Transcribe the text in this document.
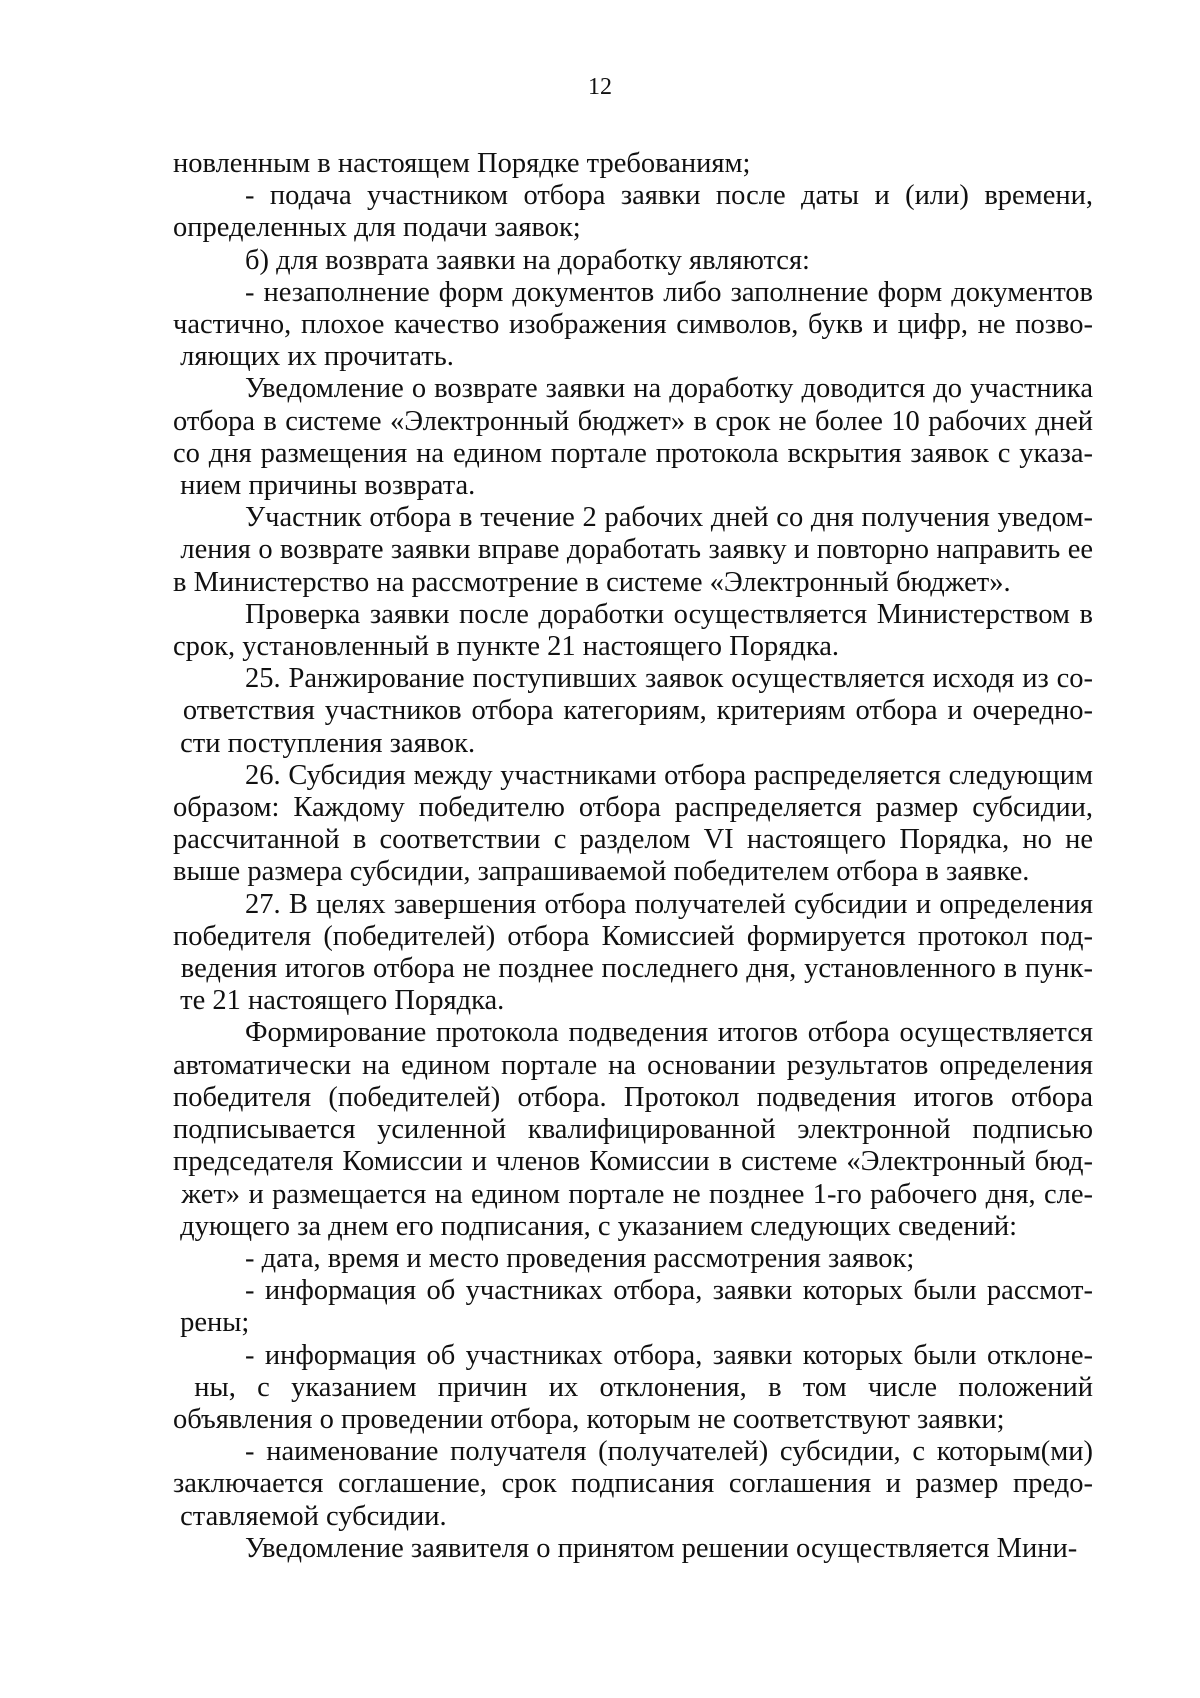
12

новленным в настоящем Порядке требованиям;

- подача участником отбора заявки после даты и (или) времени, определенных для подачи заявок;

б) для возврата заявки на доработку являются:

- незаполнение форм документов либо заполнение форм документов частично, плохое качество изображения символов, букв и цифр, не позво- ляющих их прочитать.

Уведомление о возврате заявки на доработку доводится до участника отбора в системе «Электронный бюджет» в срок не более 10 рабочих дней со дня размещения на едином портале протокола вскрытия заявок с указа- нием причины возврата.

Участник отбора в течение 2 рабочих дней со дня получения уведом- ления о возврате заявки вправе доработать заявку и повторно направить ее в Министерство на рассмотрение в системе «Электронный бюджет».

Проверка заявки после доработки осуществляется Министерством в срок, установленный в пункте 21 настоящего Порядка.

25. Ранжирование поступивших заявок осуществляется исходя из со- ответствия участников отбора категориям, критериям отбора и очередно- сти поступления заявок.

26. Субсидия между участниками отбора распределяется следующим образом: Каждому победителю отбора распределяется размер субсидии, рассчитанной в соответствии с разделом VI настоящего Порядка, но не выше размера субсидии, запрашиваемой победителем отбора в заявке.

27. В целях завершения отбора получателей субсидии и определения победителя (победителей) отбора Комиссией формируется протокол под- ведения итогов отбора не позднее последнего дня, установленного в пунк- те 21 настоящего Порядка.

Формирование протокола подведения итогов отбора осуществляется автоматически на едином портале на основании результатов определения победителя (победителей) отбора. Протокол подведения итогов отбора подписывается усиленной квалифицированной электронной подписью председателя Комиссии и членов Комиссии в системе «Электронный бюд- жет» и размещается на едином портале не позднее 1-го рабочего дня, сле- дующего за днем его подписания, с указанием следующих сведений:

- дата, время и место проведения рассмотрения заявок;

- информация об участниках отбора, заявки которых были рассмот- рены;

- информация об участниках отбора, заявки которых были отклоне- ны, с указанием причин их отклонения, в том числе положений объявления о проведении отбора, которым не соответствуют заявки;

- наименование получателя (получателей) субсидии, с которым(ми) заключается соглашение, срок подписания соглашения и размер предо- ставляемой субсидии.

Уведомление заявителя о принятом решении осуществляется Мини-
